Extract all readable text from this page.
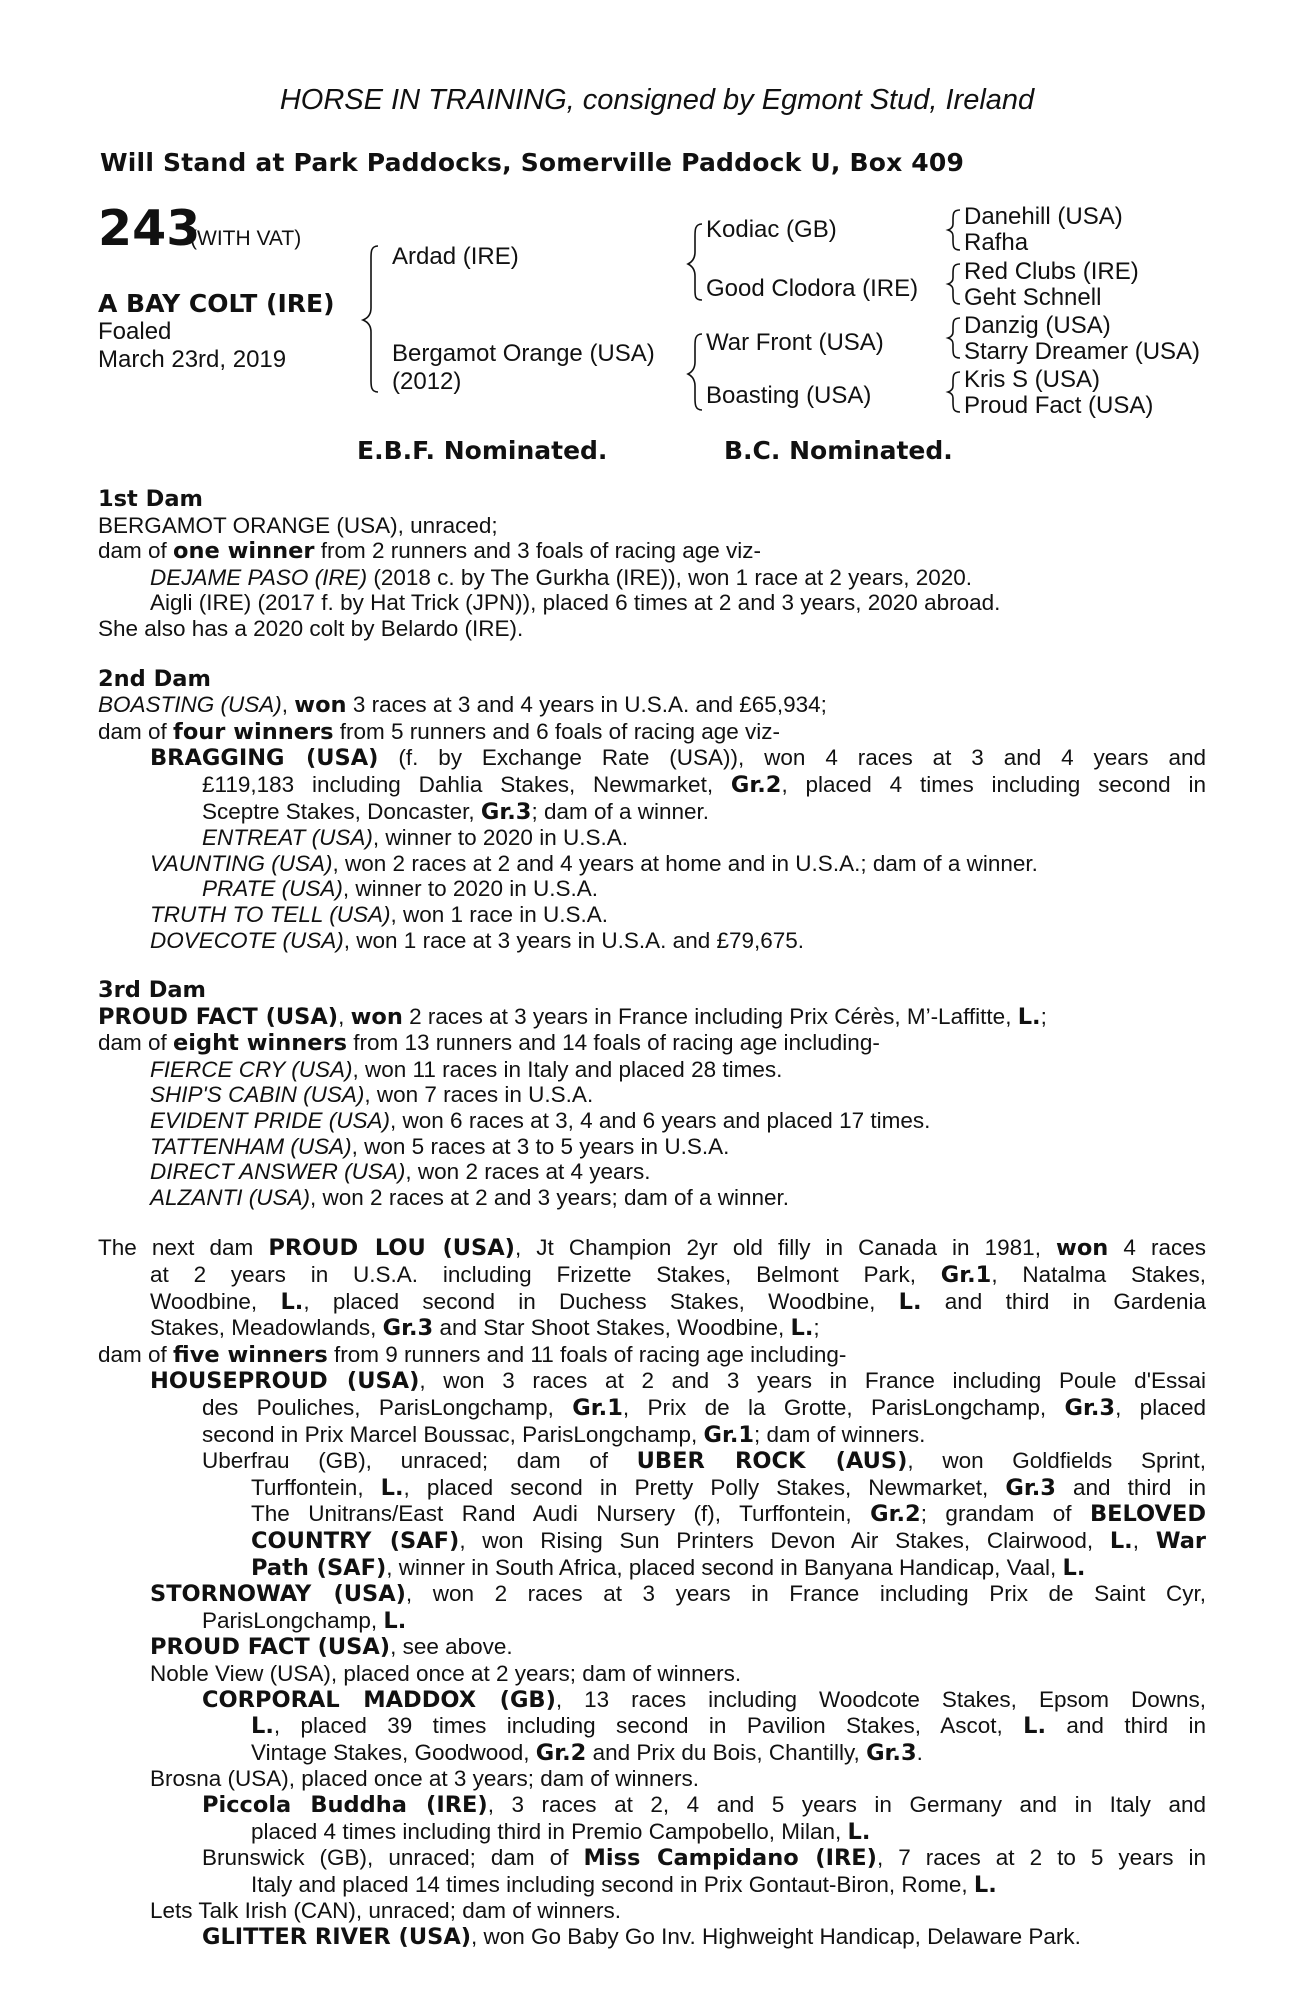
HORSE IN TRAINING, consigned by Egmont Stud, Ireland
Will Stand at Park Paddocks, Somerville Paddock U, Box 409
243
(WITH VAT)
A BAY COLT (IRE)
Foaled
March 23rd, 2019
Ardad (IRE)
Bergamot Orange (USA)
(2012)
Kodiac (GB)
Good Clodora (IRE)
War Front (USA)
Boasting (USA)
Danehill (USA)
Rafha
Red Clubs (IRE)
Geht Schnell
Danzig (USA)
Starry Dreamer (USA)
Kris S (USA)
Proud Fact (USA)
E.B.F. Nominated.	B.C. Nominated.
1st Dam
BERGAMOT ORANGE (USA), unraced;
dam of one winner from 2 runners and 3 foals of racing age viz-
DEJAME PASO (IRE) (2018 c. by The Gurkha (IRE)), won 1 race at 2 years, 2020.
Aigli (IRE) (2017 f. by Hat Trick (JPN)), placed 6 times at 2 and 3 years, 2020 abroad.
She also has a 2020 colt by Belardo (IRE).
2nd Dam
BOASTING (USA), won 3 races at 3 and 4 years in U.S.A. and £65,934;
dam of four winners from 5 runners and 6 foals of racing age viz-
BRAGGING (USA) (f. by Exchange Rate (USA)), won 4 races at 3 and 4 years and
£119,183 including Dahlia Stakes, Newmarket, Gr.2, placed 4 times including second in
Sceptre Stakes, Doncaster, Gr.3; dam of a winner.
ENTREAT (USA), winner to 2020 in U.S.A.
VAUNTING (USA), won 2 races at 2 and 4 years at home and in U.S.A.; dam of a winner.
PRATE (USA), winner to 2020 in U.S.A.
TRUTH TO TELL (USA), won 1 race in U.S.A.
DOVECOTE (USA), won 1 race at 3 years in U.S.A. and £79,675.
3rd Dam
PROUD FACT (USA), won 2 races at 3 years in France including Prix Cérès, M’-Laffitte, L.;
dam of eight winners from 13 runners and 14 foals of racing age including-
FIERCE CRY (USA), won 11 races in Italy and placed 28 times.
SHIP'S CABIN (USA), won 7 races in U.S.A.
EVIDENT PRIDE (USA), won 6 races at 3, 4 and 6 years and placed 17 times.
TATTENHAM (USA), won 5 races at 3 to 5 years in U.S.A.
DIRECT ANSWER (USA), won 2 races at 4 years.
ALZANTI (USA), won 2 races at 2 and 3 years; dam of a winner.
The next dam PROUD LOU (USA), Jt Champion 2yr old filly in Canada in 1981, won 4 races
at 2 years in U.S.A. including Frizette Stakes, Belmont Park, Gr.1, Natalma Stakes,
Woodbine, L., placed second in Duchess Stakes, Woodbine, L. and third in Gardenia
Stakes, Meadowlands, Gr.3 and Star Shoot Stakes, Woodbine, L.;
dam of five winners from 9 runners and 11 foals of racing age including-
HOUSEPROUD (USA), won 3 races at 2 and 3 years in France including Poule d'Essai
des Pouliches, ParisLongchamp, Gr.1, Prix de la Grotte, ParisLongchamp, Gr.3, placed
second in Prix Marcel Boussac, ParisLongchamp, Gr.1; dam of winners.
Uberfrau (GB), unraced; dam of UBER ROCK (AUS), won Goldfields Sprint,
Turffontein, L., placed second in Pretty Polly Stakes, Newmarket, Gr.3 and third in
The Unitrans/East Rand Audi Nursery (f), Turffontein, Gr.2; grandam of BELOVED
COUNTRY (SAF), won Rising Sun Printers Devon Air Stakes, Clairwood, L., War
Path (SAF), winner in South Africa, placed second in Banyana Handicap, Vaal, L.
STORNOWAY (USA), won 2 races at 3 years in France including Prix de Saint Cyr,
ParisLongchamp, L.
PROUD FACT (USA), see above.
Noble View (USA), placed once at 2 years; dam of winners.
CORPORAL MADDOX (GB), 13 races including Woodcote Stakes, Epsom Downs,
L., placed 39 times including second in Pavilion Stakes, Ascot, L. and third in
Vintage Stakes, Goodwood, Gr.2 and Prix du Bois, Chantilly, Gr.3.
Brosna (USA), placed once at 3 years; dam of winners.
Piccola Buddha (IRE), 3 races at 2, 4 and 5 years in Germany and in Italy and
placed 4 times including third in Premio Campobello, Milan, L.
Brunswick (GB), unraced; dam of Miss Campidano (IRE), 7 races at 2 to 5 years in
Italy and placed 14 times including second in Prix Gontaut-Biron, Rome, L.
Lets Talk Irish (CAN), unraced; dam of winners.
GLITTER RIVER (USA), won Go Baby Go Inv. Highweight Handicap, Delaware Park.
